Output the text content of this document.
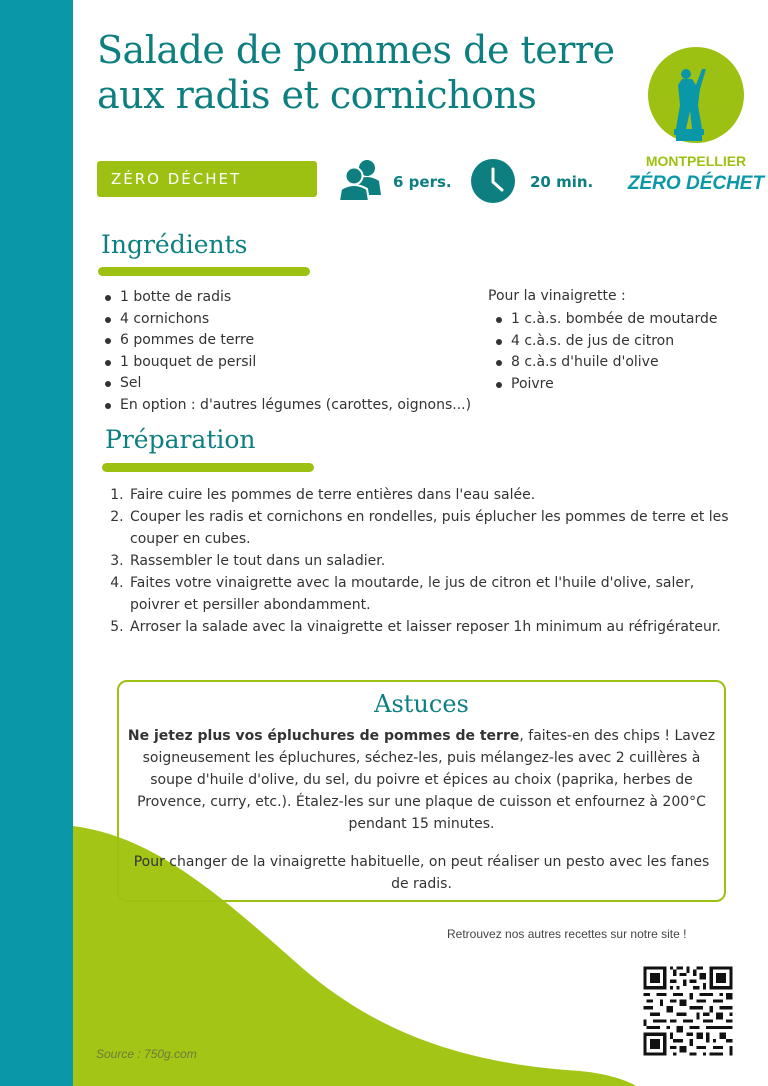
Salade de pommes de terre
aux radis et cornichons
MONTPELLIER
ZÉRO DÉCHET
ZÉRO DÉCHET	6 pers.	20 min.
Ingrédients
1 botte de radis
4 cornichons
6 pommes de terre
1 bouquet de persil
Sel
En option : d'autres légumes (carottes, oignons...)
Pour la vinaigrette :
1 c.à.s. bombée de moutarde
4 c.à.s. de jus de citron
8 c.à.s d'huile d'olive
Poivre
Préparation
1. Faire cuire les pommes de terre entières dans l'eau salée.
2. Couper les radis et cornichons en rondelles, puis éplucher les pommes de terre et les couper en cubes.
3. Rassembler le tout dans un saladier.
4. Faites votre vinaigrette avec la moutarde, le jus de citron et l'huile d'olive, saler, poivrer et persiller abondamment.
5. Arroser la salade avec la vinaigrette et laisser reposer 1h minimum au réfrigérateur.
Astuces

Ne jetez plus vos épluchures de pommes de terre, faites-en des chips ! Lavez soigneusement les épluchures, séchez-les, puis mélangez-les avec 2 cuillères à soupe d'huile d'olive, du sel, du poivre et épices au choix (paprika, herbes de Provence, curry, etc.). Étalez-les sur une plaque de cuisson et enfournez à 200°C pendant 15 minutes.

Pour changer de la vinaigrette habituelle, on peut réaliser un pesto avec les fanes de radis.

Retrouvez nos autres recettes sur notre site !
Source : 750g.com
